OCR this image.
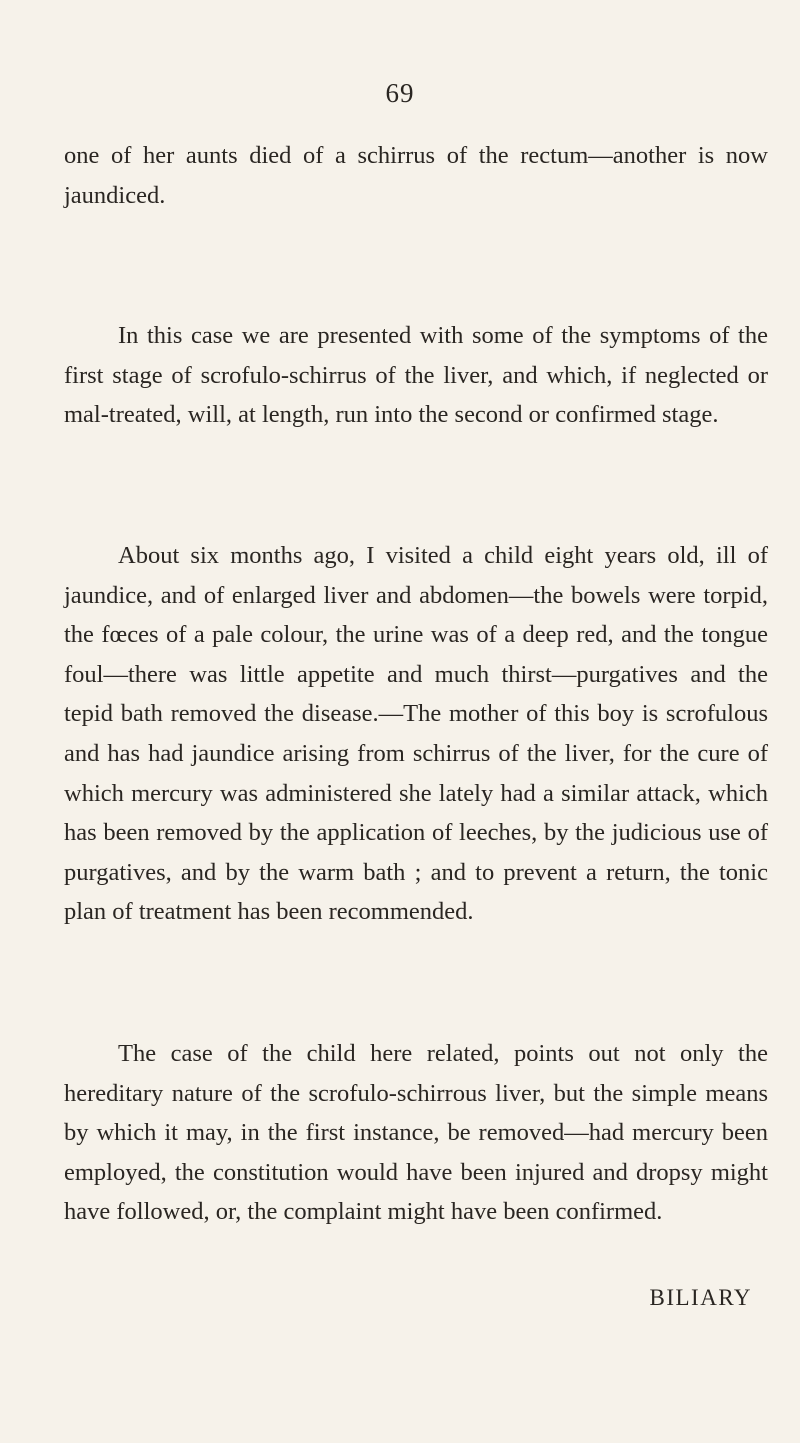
69
one of her aunts died of a schirrus of the rectum—another is now jaundiced.
In this case we are presented with some of the symptoms of the first stage of scrofulo-schirrus of the liver, and which, if neglected or mal-treated, will, at length, run into the second or confirmed stage.
About six months ago, I visited a child eight years old, ill of jaundice, and of enlarged liver and abdomen—the bowels were torpid, the fœces of a pale colour, the urine was of a deep red, and the tongue foul—there was little appetite and much thirst—purgatives and the tepid bath removed the disease.—The mother of this boy is scrofulous and has had jaundice arising from schirrus of the liver, for the cure of which mercury was administered she lately had a similar attack, which has been removed by the application of leeches, by the judicious use of purgatives, and by the warm bath ; and to prevent a return, the tonic plan of treatment has been recommended.
The case of the child here related, points out not only the hereditary nature of the scrofulo-schirrous liver, but the simple means by which it may, in the first instance, be removed—had mercury been employed, the constitution would have been injured and dropsy might have followed, or, the complaint might have been confirmed.
BILIARY
